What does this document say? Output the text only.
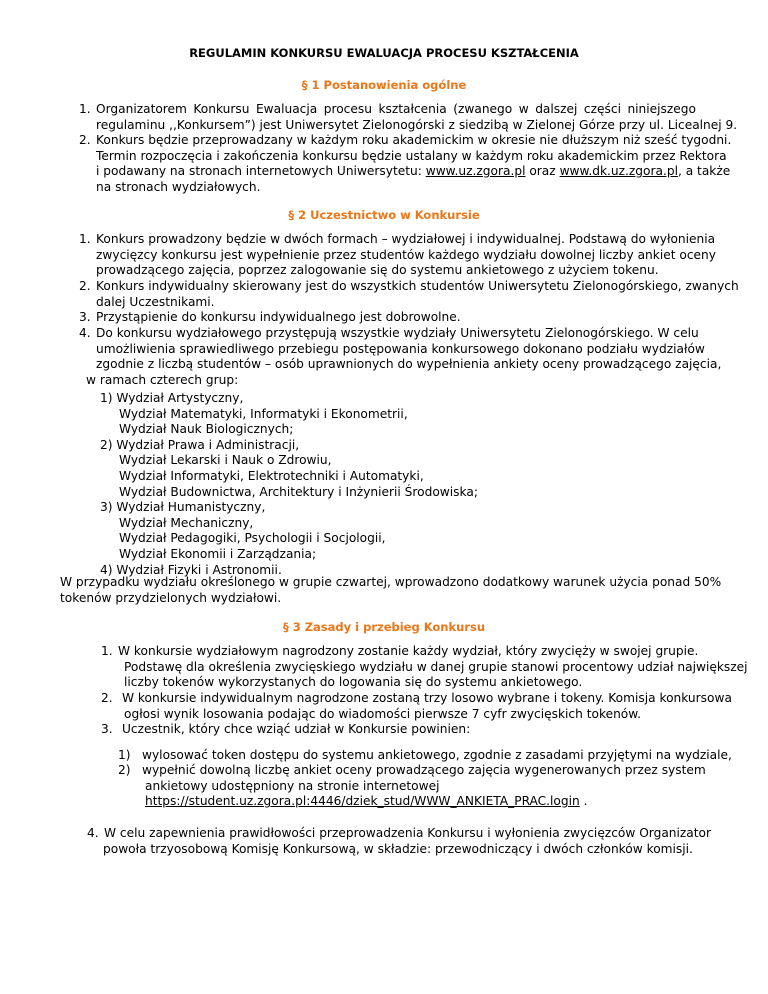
REGULAMIN KONKURSU EWALUACJA PROCESU KSZTAŁCENIA
§ 1 Postanowienia ogólne
1. Organizatorem Konkursu Ewaluacja procesu kształcenia (zwanego w dalszej części niniejszego
regulaminu ,,Konkursem”) jest Uniwersytet Zielonogórski z siedzibą w Zielonej Górze przy ul. Licealnej 9.
2. Konkurs będzie przeprowadzany w każdym roku akademickim w okresie nie dłuższym niż sześć tygodni.
Termin rozpoczęcia i zakończenia konkursu będzie ustalany w każdym roku akademickim przez Rektora
i podawany na stronach internetowych Uniwersytetu: www.uz.zgora.pl oraz www.dk.uz.zgora.pl, a także
na stronach wydziałowych.
§ 2 Uczestnictwo w Konkursie
1. Konkurs prowadzony będzie w dwóch formach – wydziałowej i indywidualnej. Podstawą do wyłonienia
zwycięzcy konkursu jest wypełnienie przez studentów każdego wydziału dowolnej liczby ankiet oceny
prowadzącego zajęcia, poprzez zalogowanie się do systemu ankietowego z użyciem tokenu.
2. Konkurs indywidualny skierowany jest do wszystkich studentów Uniwersytetu Zielonogórskiego, zwanych
dalej Uczestnikami.
3. Przystąpienie do konkursu indywidualnego jest dobrowolne.
4. Do konkursu wydziałowego przystępują wszystkie wydziały Uniwersytetu Zielonogórskiego. W celu
umożliwienia sprawiedliwego przebiegu postępowania konkursowego dokonano podziału wydziałów
zgodnie z liczbą studentów – osób uprawnionych do wypełnienia ankiety oceny prowadzącego zajęcia,
w ramach czterech grup:
1) Wydział Artystyczny,
Wydział Matematyki, Informatyki i Ekonometrii,
Wydział Nauk Biologicznych;
2) Wydział Prawa i Administracji,
Wydział Lekarski i Nauk o Zdrowiu,
Wydział Informatyki, Elektrotechniki i Automatyki,
Wydział Budownictwa, Architektury i Inżynierii Środowiska;
3) Wydział Humanistyczny,
Wydział Mechaniczny,
Wydział Pedagogiki, Psychologii i Socjologii,
Wydział Ekonomii i Zarządzania;
4) Wydział Fizyki i Astronomii.
W przypadku wydziału określonego w grupie czwartej, wprowadzono dodatkowy warunek użycia ponad 50%
tokenów przydzielonych wydziałowi.
§ 3 Zasady i przebieg Konkursu
1. W konkursie wydziałowym nagrodzony zostanie każdy wydział, który zwycięży w swojej grupie.
Podstawę dla określenia zwycięskiego wydziału w danej grupie stanowi procentowy udział największej
liczby tokenów wykorzystanych do logowania się do systemu ankietowego.
2. W konkursie indywidualnym nagrodzone zostaną trzy losowo wybrane i tokeny. Komisja konkursowa
ogłosi wynik losowania podając do wiadomości pierwsze 7 cyfr zwycięskich tokenów.
3. Uczestnik, który chce wziąć udział w Konkursie powinien:
1) wylosować token dostępu do systemu ankietowego, zgodnie z zasadami przyjętymi na wydziale,
2) wypełnić dowolną liczbę ankiet oceny prowadzącego zajęcia wygenerowanych przez system
ankietowy udostępniony na stronie internetowej
https://student.uz.zgora.pl:4446/dziek_stud/WWW_ANKIETA_PRAC.login .
4. W celu zapewnienia prawidłowości przeprowadzenia Konkursu i wyłonienia zwycięzców Organizator
powoła trzyosobową Komisję Konkursową, w składzie: przewodniczący i dwóch członków komisji.
